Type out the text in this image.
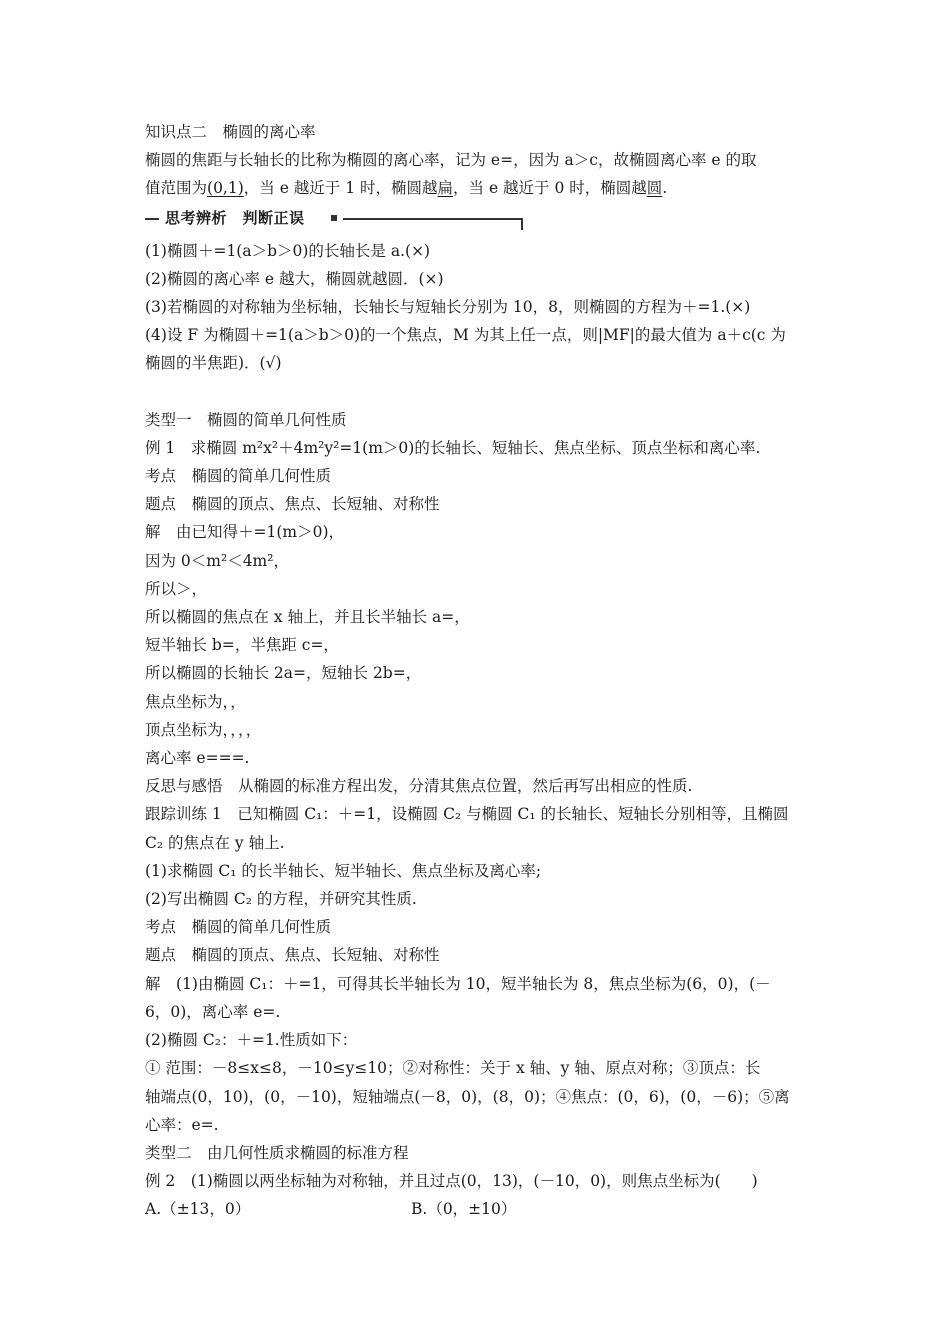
知识点二　椭圆的离心率
椭圆的焦距与长轴长的比称为椭圆的离心率，记为 e=，因为 a＞c，故椭圆离心率 e 的取
值范围为(0,1)，当 e 越近于 1 时，椭圆越扁，当 e 越近于 0 时，椭圆越圆.
思考辨析　判断正误
(1)椭圆＋=1(a＞b＞0)的长轴长是 a.(×)
(2)椭圆的离心率 e 越大，椭圆就越圆．(×)
(3)若椭圆的对称轴为坐标轴，长轴长与短轴长分别为 10，8，则椭圆的方程为＋=1.(×)
(4)设 F 为椭圆＋=1(a＞b＞0)的一个焦点，M 为其上任一点，则|MF|的最大值为 a＋c(c 为
椭圆的半焦距)．(√)
类型一　椭圆的简单几何性质
例 1　求椭圆 m²x²＋4m²y²=1(m＞0)的长轴长、短轴长、焦点坐标、顶点坐标和离心率.
考点　椭圆的简单几何性质
题点　椭圆的顶点、焦点、长短轴、对称性
解　由已知得＋=1(m＞0)，
因为 0＜m²＜4m²，
所以＞，
所以椭圆的焦点在 x 轴上，并且长半轴长 a=，
短半轴长 b=，半焦距 c=，
所以椭圆的长轴长 2a=，短轴长 2b=，
焦点坐标为，，
顶点坐标为，，，，
离心率 e===.
反思与感悟　从椭圆的标准方程出发，分清其焦点位置，然后再写出相应的性质.
跟踪训练 1　已知椭圆 C₁：＋=1，设椭圆 C₂ 与椭圆 C₁ 的长轴长、短轴长分别相等，且椭圆
C₂ 的焦点在 y 轴上.
(1)求椭圆 C₁ 的长半轴长、短半轴长、焦点坐标及离心率;
(2)写出椭圆 C₂ 的方程，并研究其性质.
考点　椭圆的简单几何性质
题点　椭圆的顶点、焦点、长短轴、对称性
解　(1)由椭圆 C₁：＋=1，可得其长半轴长为 10，短半轴长为 8，焦点坐标为(6，0)，(－
6，0)，离心率 e=.
(2)椭圆 C₂：＋=1.性质如下：
① 范围：－8≤x≤8，－10≤y≤10；②对称性：关于 x 轴、y 轴、原点对称；③顶点：长
轴端点(0，10)，(0，－10)，短轴端点(－8，0)，(8，0)；④焦点：(0，6)，(0，－6)；⑤离
心率：e=.
类型二　由几何性质求椭圆的标准方程
例 2　(1)椭圆以两坐标轴为对称轴，并且过点(0，13)，(－10，0)，则焦点坐标为(　　)
A.（±13，0）	B.（0，±10）
